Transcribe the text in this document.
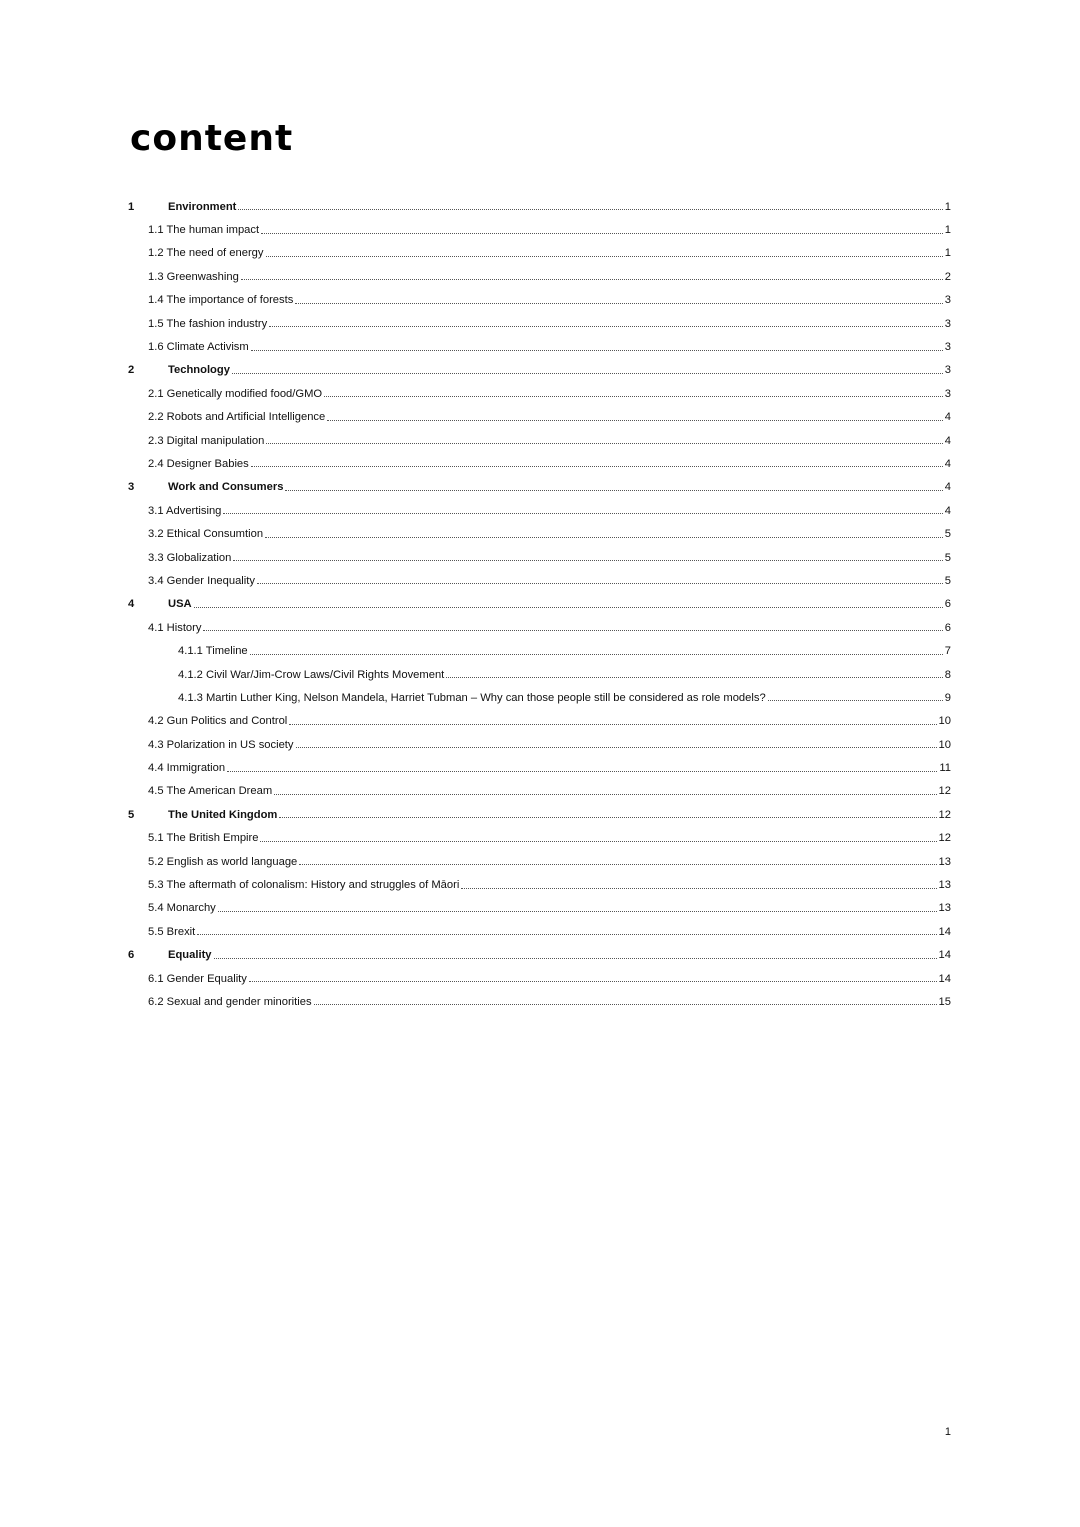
content
1	Environment	1
1.1 The human impact	1
1.2 The need of energy	1
1.3 Greenwashing	2
1.4 The importance of forests	3
1.5 The fashion industry	3
1.6 Climate Activism	3
2	Technology	3
2.1 Genetically modified food/GMO	3
2.2 Robots and Artificial Intelligence	4
2.3 Digital manipulation	4
2.4 Designer Babies	4
3	Work and Consumers	4
3.1 Advertising	4
3.2 Ethical Consumtion	5
3.3 Globalization	5
3.4 Gender Inequality	5
4	USA	6
4.1 History	6
4.1.1 Timeline	7
4.1.2 Civil War/Jim-Crow Laws/Civil Rights Movement	8
4.1.3 Martin Luther King, Nelson Mandela, Harriet Tubman – Why can those people still be considered as role models?	9
4.2 Gun Politics and Control	10
4.3 Polarization in US society	10
4.4 Immigration	11
4.5 The American Dream	12
5	The United Kingdom	12
5.1 The British Empire	12
5.2 English as world language	13
5.3 The aftermath of colonalism: History and struggles of Māori	13
5.4 Monarchy	13
5.5 Brexit	14
6	Equality	14
6.1 Gender Equality	14
6.2 Sexual and gender minorities	15
1
